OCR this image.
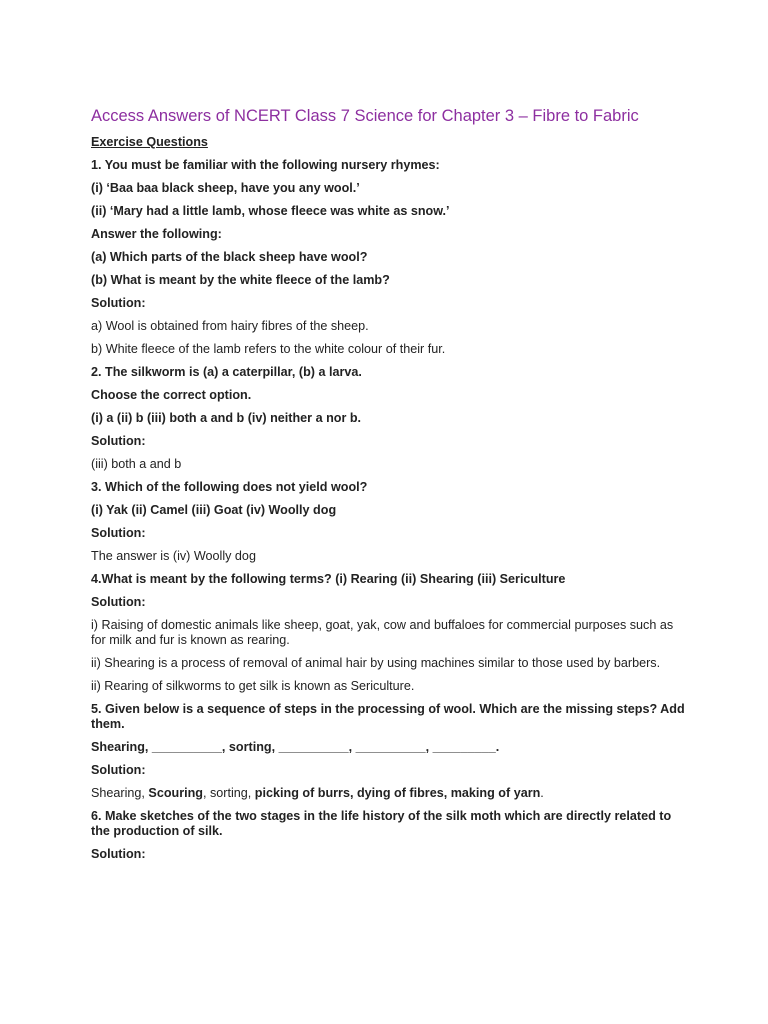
Access Answers of NCERT Class 7 Science for Chapter 3 – Fibre to Fabric
Exercise Questions
1. You must be familiar with the following nursery rhymes:
(i) ‘Baa baa black sheep, have you any wool.’
(ii) ‘Mary had a little lamb, whose fleece was white as snow.’
Answer the following:
(a) Which parts of the black sheep have wool?
(b) What is meant by the white fleece of the lamb?
Solution:
a) Wool is obtained from hairy fibres of the sheep.
b) White fleece of the lamb refers to the white colour of their fur.
2. The silkworm is (a) a caterpillar, (b) a larva.
Choose the correct option.
(i) a (ii) b (iii) both a and b (iv) neither a nor b.
Solution:
(iii) both a and b
3. Which of the following does not yield wool?
(i) Yak (ii) Camel (iii) Goat (iv) Woolly dog
Solution:
The answer is (iv) Woolly dog
4.What is meant by the following terms? (i) Rearing (ii) Shearing (iii) Sericulture
Solution:
i) Raising of domestic animals like sheep, goat, yak, cow and buffaloes for commercial purposes such as for milk and fur is known as rearing.
ii) Shearing is a process of removal of animal hair by using machines similar to those used by barbers.
ii) Rearing of silkworms to get silk is known as Sericulture.
5. Given below is a sequence of steps in the processing of wool. Which are the missing steps? Add them.
Shearing, __________, sorting, __________, __________, _________.
Solution:
Shearing, Scouring, sorting, picking of burrs, dying of fibres, making of yarn.
6. Make sketches of the two stages in the life history of the silk moth which are directly related to the production of silk.
Solution:
